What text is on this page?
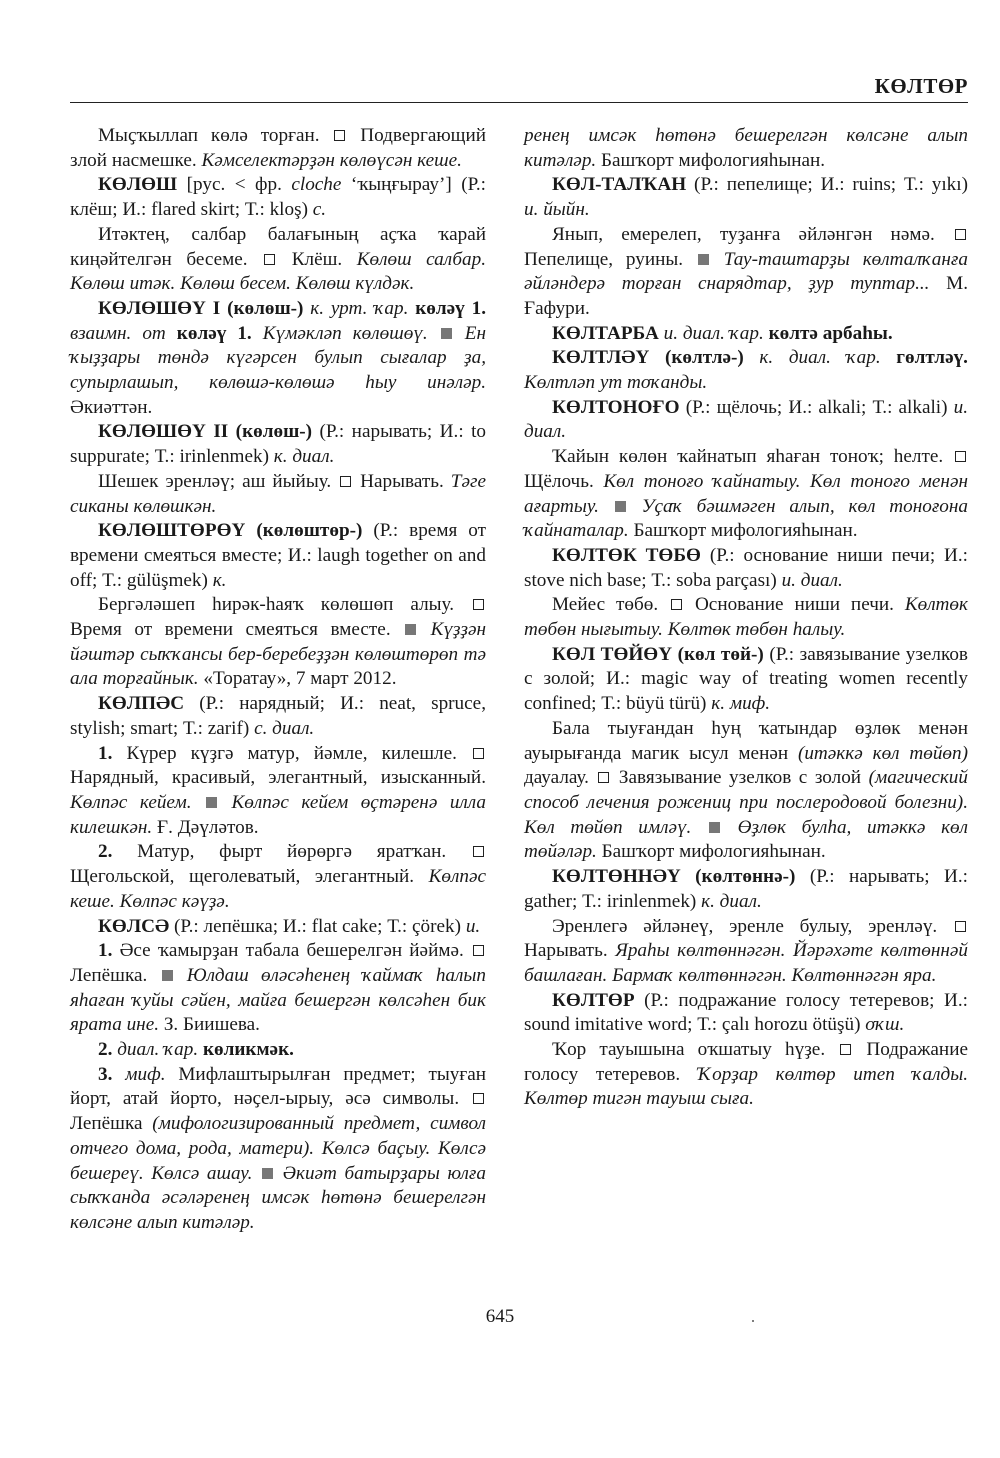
КӨЛТӨР

Мыҫҡыллап көлә торған.  Подвергающий злой насмешке. Кәмселектәрҙән көлөүсән кеше.

КӨЛӨШ [рус. < фр. cloche ‘ҡыңғырау’] (Р.: клёш; И.: flared skirt; Т.: kloş) с.

Итәктең, салбар балағының аҫҡа ҡарай киңәйтелгән бесеме.  Клёш. Көлөш салбар. Көлөш итәк. Көлөш бесем. Көлөш күлдәк.

КӨЛӨШӨҮ I (көлөш-) к. урт. ҡар. көләү 1. взаимн. от көләү 1. Күмәкләп көлөшөү.  Ен ҡыҙҙары төндә күгәрсен булып сығалар ҙа, супырлашып, көлөшә-көлөшә һыу инәләр. Әкиәттән.

КӨЛӨШӨҮ II (көлөш-) (Р.: нарывать; И.: to suppurate; Т.: irinlenmek) к. диал.

Шешек эренләү; аш йыйыу.  Нарывать. Тәге сиканы көлөшкән.

КӨЛӨШТӨРӨҮ (көлөштөр-) (Р.: время от времени смеяться вместе; И.: laugh together on and off; Т.: gülüşmek) к.

Бергәләшеп һирәк-һаяҡ көлөшөп алыу.  Время от времени смеяться вместе.  Күҙҙән йәштәр сыҡҡансы бер-беребеҙҙән көлөштөрөп тә ала торғайнык. «Торатау», 7 март 2012.

КӨЛПӘС (Р.: нарядный; И.: neat, spruce, stylish; smart; Т.: zarif) с. диал.

1. Күрер күҙгә матур, йәмле, килешле.  Нарядный, красивый, элегантный, изысканный. Көлпәс кейем.  Көлпәс кейем өҫтәренә илла килешкән. Ғ. Дәүләтов.

2. Матур, фырт йөрөргә яратҡан.  Щегольской, щеголеватый, элегантный. Көлпәс кеше. Көлпәс кәүҙә.

КӨЛСӘ (Р.: лепёшка; И.: flat cake; Т.: çörek) и.

1. Әсе ҡамырҙан табала бешерелгән йәймә.  Лепёшка.  Юлдаш өләсәһенең ҡаймаҡ һалып яһаған ҡуйы сәйен, майға бешергән көлсәһен бик ярата ине. З. Биишева.

2. диал. ҡар. көликмәк.

3. миф. Мифлаштырылған предмет; тыуған йорт, атай йорто, нәҫел-ырыу, әсә символы.  Лепёшка (мифологизированный предмет, символ отчего дома, рода, матери). Көлсә баҫыу. Көлсә бешереү. Көлсә ашау.  Әкиәт батырҙары юлға сыҡҡанда әсәләренең имсәк һөтөнә бешерелгән көлсәне алып китәләр.

ренең имсәк һөтөнә бешерелгән көлсәне алып китәләр. Башҡорт мифологияһынан.

КӨЛ-ТАЛҠАН (Р.: пепелище; И.: ruins; Т.: yıkı) и. йыйн.

Янып, емерелеп, туҙанға әйләнгән нәмә.  Пепелище, руины.  Тау-таштарҙы көлталҡанға әйләндерә торған снарядтар, ҙур туптар... М. Ғафури.

КӨЛТАРБА и. диал. ҡар. көлтә арбаһы.

КӨЛТЛӘҮ (көлтлә-) к. диал. ҡар. гөлтләү. Көлтләп ут тоҡанды.

КӨЛТОНОҒО (Р.: щёлочь; И.: alkali; Т.: alkali) и. диал.

Ҡайын көлөн ҡайнатып яһаған тонoҡ; һелте.  Щёлочь. Көл тоноғо ҡайнатыу. Көл тоноғо менән ағартыу.  Уҫаҡ бәшмәген алып, көл тоноғона ҡайнаталар. Башҡорт мифологияһынан.

КӨЛТӨК ТӨБӨ (Р.: основание ниши печи; И.: stove nich base; Т.: soba parçası) и. диал.

Мейес төбө.  Основание ниши печи. Көлтөк төбөн нығытыу. Көлтөк төбөн һалыу.

КӨЛ ТӨЙӨҮ (көл төй-) (Р.: завязывание узелков с золой; И.: magic way of treating women recently confined; Т.: büyü türü) к. миф.

Бала тыуғандан һуң ҡатындар өҙлөк менән ауырығанда магик ысул менән (итәккә көл төйөп) дауалау.  Завязывание узелков с золой (магический способ лечения рожениц при послеродовой болезни). Көл төйөп имләү.  Өҙлөк булһа, итәккә көл төйәләр. Башҡорт мифологияһынан.

КӨЛТӨННӘҮ (көлтөннә-) (Р.: нарывать; И.: gather; Т.: irinlenmek) к. диал.

Эренлегә әйләнеү, эренле булыу, эренләү.  Нарывать. Яраһы көлтөннәгән. Йәрәхәте көлтөннәй башлаған. Бармаҡ көлтөннәгән. Көлтөннәгән яра.

КӨЛТӨР (Р.: подражание голосу тетеревов; И.: sound imitative word; Т.: çalı horozu ötüşü) оҡш.

Ҡор тауышына оҡшатыу һүҙе.  Подражание голосу тетеревов. Ҡорҙар көлтөр итеп ҡалды. Көлтөр тигән тауыш сыға.

645
